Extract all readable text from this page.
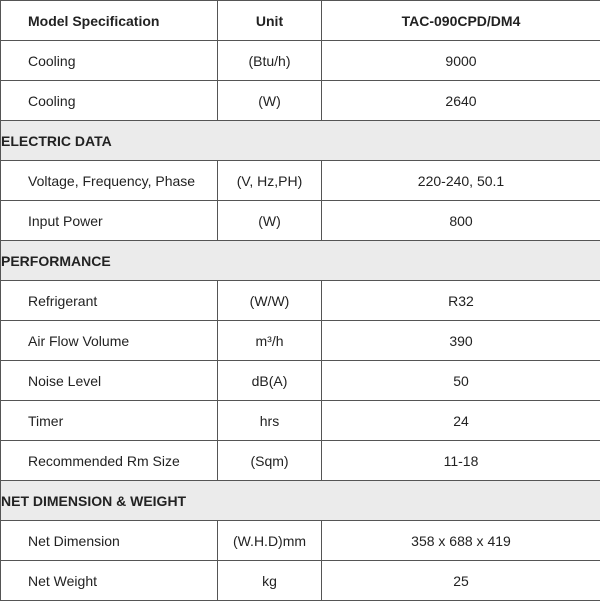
Model Specification	Unit	TAC-090CPD/DM4
Cooling	(Btu/h)	9000
Cooling	(W)	2640
ELECTRIC DATA		
Voltage, Frequency, Phase	(V, Hz,PH)	220-240, 50.1
Input Power	(W)	800
PERFORMANCE		
Refrigerant	(W/W)	R32
Air Flow Volume	m³/h	390
Noise Level	dB(A)	50
Timer	hrs	24
Recommended Rm Size	(Sqm)	11-18
NET DIMENSION & WEIGHT		
Net Dimension	(W.H.D)mm	358 x 688 x 419
Net Weight	kg	25
